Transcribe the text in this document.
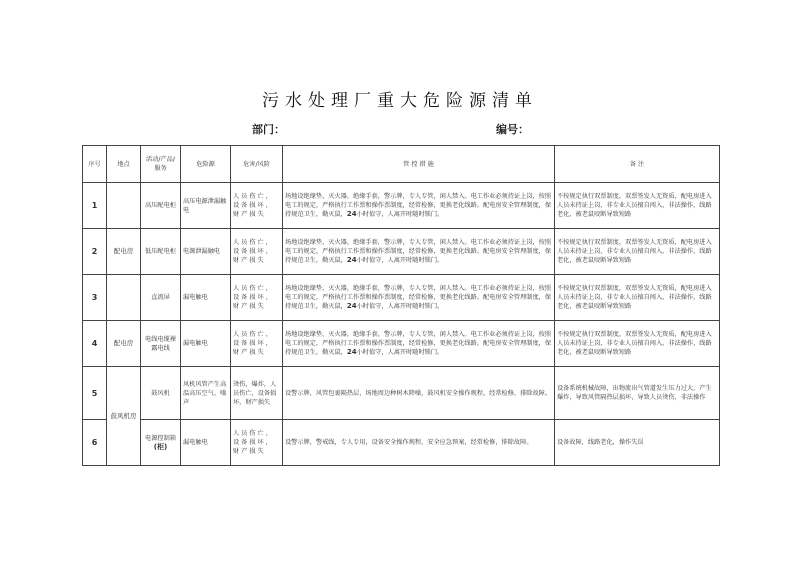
污水处理厂重大危险源清单
部门：	编号：
序号	地点	活动/产品/服务	危险源	危害/风险	管 控 措 施	备 注
1		高压配电柜	高压电源泄漏触电	人员伤亡，设备损坏，财产损失	场地设绝缘垫、灭火器，绝缘手套，警示牌，专人专管，闲人禁入。电工作业必须持证上岗，按照电工的规定，严格执行工作票和操作票制度，经常检修，更换老化线路。配电房安全管理制度，保持规范卫生，勤灭鼠，24小时值守，人离开时随时锁门。	不按规定执行双票制度，双票签发人无资质，配电房进入人员未持证上岗，非专业人员擅自闯入，非法操作，线路老化，被老鼠咬断导致短路
2	配电房	低压配电柜	电源泄漏触电	人员伤亡，设备损坏，财产损失	场地设绝缘垫、灭火器，绝缘手套，警示牌，专人专管，闲人禁入。电工作业必须持证上岗，按照电工的规定，严格执行工作票和操作票制度，经常检修，更换老化线路。配电房安全管理制度，保持规范卫生，勤灭鼠，24小时值守，人离开时随时锁门。	不按规定执行双票制度，双票签发人无资质，配电房进入人员未持证上岗，非专业人员擅自闯入，非法操作，线路老化，被老鼠咬断导致短路
3		直流屏	漏电触电	人员伤亡，设备损坏，财产损失	场地设绝缘垫、灭火器，绝缘手套，警示牌，专人专管，闲人禁入。电工作业必须持证上岗，按照电工的规定，严格执行工作票和操作票制度，经常检修，更换老化线路。配电房安全管理制度，保持规范卫生，勤灭鼠，24小时值守，人离开时随时锁门。	不按规定执行双票制度，双票签发人无资质，配电房进入人员未持证上岗，非专业人员擅自闯入，非法操作，线路老化，被老鼠咬断导致短路
4	配电房	电线电缆裸露电线	漏电触电	人员伤亡，设备损坏，财产损失	场地设绝缘垫、灭火器，绝缘手套，警示牌，专人专管，闲人禁入。电工作业必须持证上岗，按照电工的规定，严格执行工作票和操作票制度，经常检修，更换老化线路。配电房安全管理制度，保持规范卫生，勤灭鼠，24小时值守，人离开时随时锁门。	不按规定执行双票制度，双票签发人无资质，配电房进入人员未持证上岗，非专业人员擅自闯入，非法操作，线路老化，被老鼠咬断导致短路
5	鼓风机房	鼓风机	风机风管产生高温高压空气、噪声	烫伤，爆炸，人员伤亡，设备损坏，财产损失	设警示牌，风管包裹隔热层，场地周边种树木降噪，鼓风机安全操作规程，经常检修，排除故障。	设备系统机械故障，出物流出气管道发生压力过大，产生爆炸，导致风管隔热层损坏，导致人员烫伤，非法操作
6		电源控制箱(柜)	漏电触电	人员伤亡，设备损坏，财产损失	设警示牌，警戒线，专人专用，设备安全操作规程，安全应急预案，经常检修，排除故障。	设备故障，线路老化，操作失误
